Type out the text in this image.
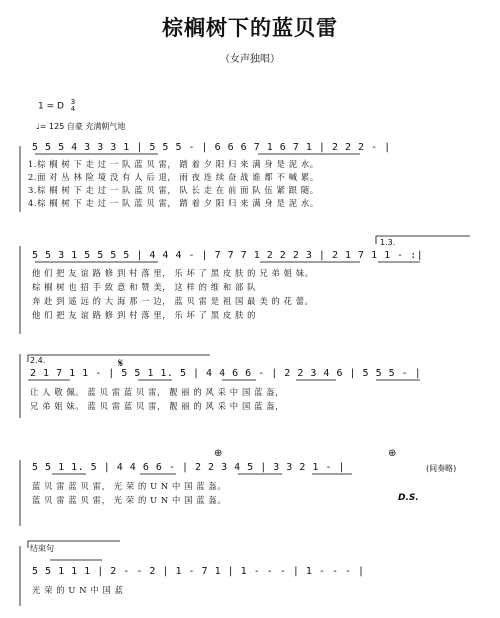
棕榈树下的蓝贝雷
（女声独唱）
1 = D 3
4
♩= 125 自豪 充满朝气地
5 5 5 4 3 3 3 1 | 5 5 5 - | 6 6 6 7 1 6 7 1 | 2 2 2 - |
1.棕 榈 树 下 走 过 一 队 蓝 贝 雷， 踏 着 夕 阳 归 来 满 身 是 泥 水。
2.面 对 丛 林 险 境 没 有 人 后 退， 雨 夜 连 续 奋 战 谁 都 不 喊 累。
3.棕 榈 树 下 走 过 一 队 蓝 贝 雷， 队 长 走 在 前 面 队 伍 紧 跟 随。
4.棕 榈 树 下 走 过 一 队 蓝 贝 雷， 踏 着 夕 阳 归 来 满 身 是 泥 水。
1.3.
5 5 3 1 5 5 5 5 | 4 4 4 - | 7 7 7 1 2 2 2 3 | 2 1 7 1 1 - :|
他 们 把 友 谊 路 修 到 村 落 里， 乐 坏 了 黑 皮 肤 的 兄 弟 姐 妹。
棕 榈 树 也 招 手 致 意 和 赞 美， 这 样 的 维 和 部 队
奔 赴 到 遥 远 的 大 海 那 一 边， 蓝 贝 雷 是 祖 国 最 美 的 花 蕾。
他 们 把 友 谊 路 修 到 村 落 里， 乐 坏 了 黑 皮 肤 的
2.4.	𝄋
2 1 7 1 1 - | 5 5 1 1. 5 | 4 4 6 6 - | 2 2 3 4 6 | 5 5 5 - |
让 人 敬 佩。 蓝 贝 雷 蓝 贝 雷， 靓 丽 的 风 采 中 国 蓝 盔，
兄 弟 姐 妹。 蓝 贝 雷 蓝 贝 雷， 靓 丽 的 风 采 中 国 蓝 盔，
⊕	⊕
5 5 1 1. 5 | 4 4 6 6 - | 2 2 3 4 5 | 3 3 2 1 - |	(间奏略)
蓝 贝 雷 蓝 贝 雷， 光 荣 的 U N 中 国 蓝 盔。
蓝 贝 雷 蓝 贝 雷， 光 荣 的 U N 中 国 蓝 盔。	D.S.
结束句
5 5 1 1 1 | 2 - - 2 | 1 - 7 1 | 1 - - - | 1 - - - |
光 荣 的 U N 中 国 蓝
